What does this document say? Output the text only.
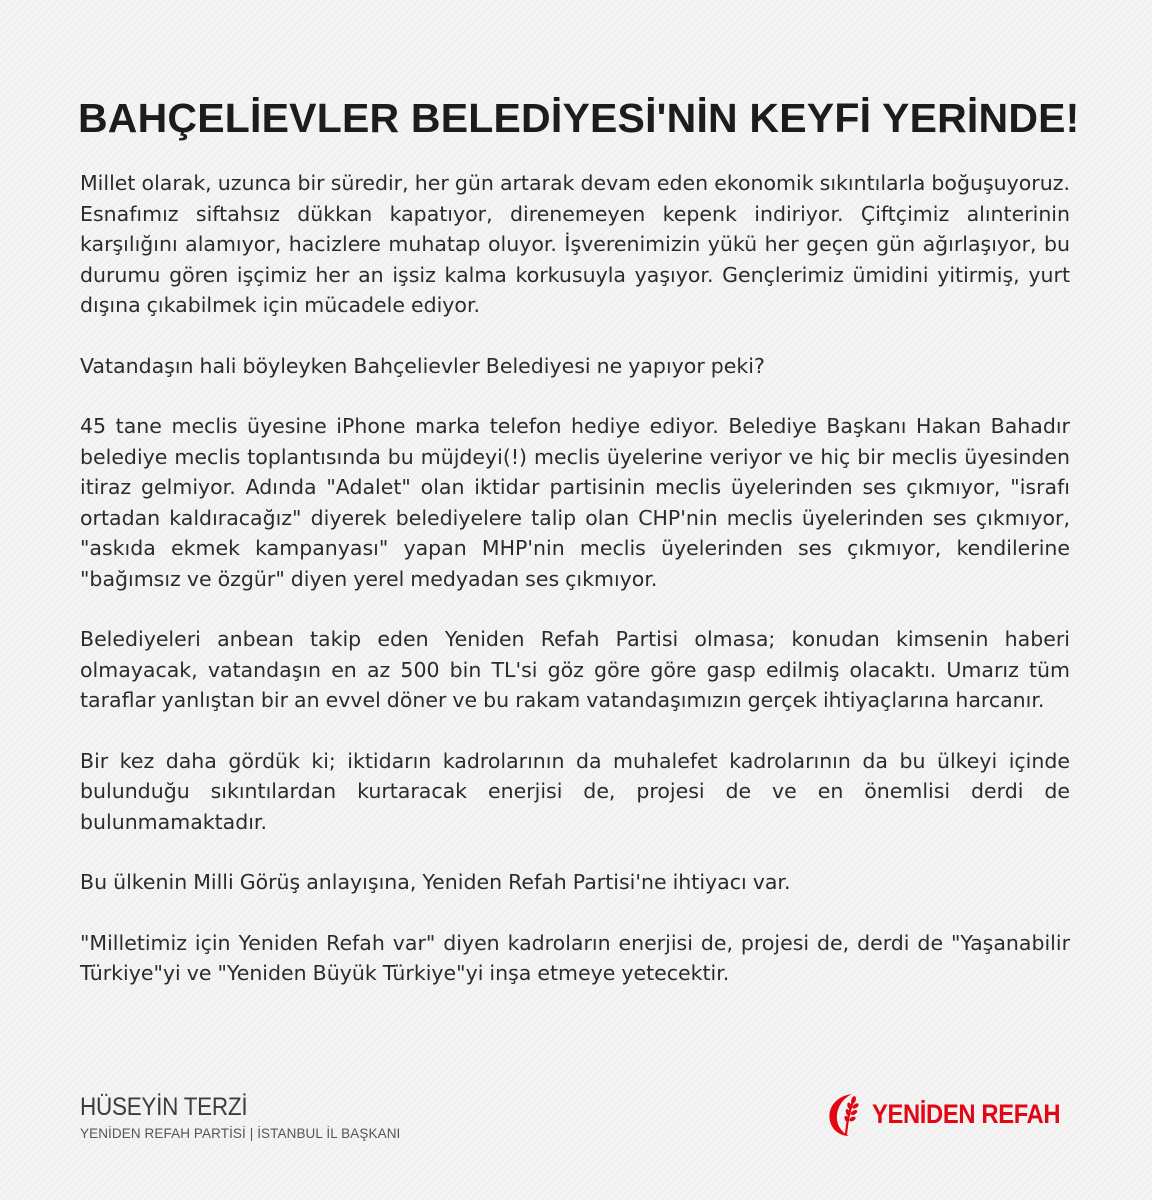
BAHÇELİEVLER BELEDİYESİ'NİN KEYFİ YERİNDE!

Millet olarak, uzunca bir süredir, her gün artarak devam eden ekonomik sıkıntılarla boğuşuyoruz. Esnafımız siftahsız dükkan kapatıyor, direnemeyen kepenk indiriyor. Çiftçimiz alınterinin karşılığını alamıyor, hacizlere muhatap oluyor. İşverenimizin yükü her geçen gün ağırlaşıyor, bu durumu gören işçimiz her an işsiz kalma korkusuyla yaşıyor. Gençlerimiz ümidini yitirmiş, yurt dışına çıkabilmek için mücadele ediyor.

Vatandaşın hali böyleyken Bahçelievler Belediyesi ne yapıyor peki?

45 tane meclis üyesine iPhone marka telefon hediye ediyor. Belediye Başkanı Hakan Bahadır belediye meclis toplantısında bu müjdeyi(!) meclis üyelerine veriyor ve hiç bir meclis üyesinden itiraz gelmiyor. Adında "Adalet" olan iktidar partisinin meclis üyelerinden ses çıkmıyor, "israfı ortadan kaldıracağız" diyerek belediyelere talip olan CHP'nin meclis üyelerinden ses çıkmıyor, "askıda ekmek kampanyası" yapan MHP'nin meclis üyelerinden ses çıkmıyor, kendilerine "bağımsız ve özgür" diyen yerel medyadan ses çıkmıyor.

Belediyeleri anbean takip eden Yeniden Refah Partisi olmasa; konudan kimsenin haberi olmayacak, vatandaşın en az 500 bin TL'si göz göre göre gasp edilmiş olacaktı. Umarız tüm taraflar yanlıştan bir an evvel döner ve bu rakam vatandaşımızın gerçek ihtiyaçlarına harcanır.

Bir kez daha gördük ki; iktidarın kadrolarının da muhalefet kadrolarının da bu ülkeyi içinde bulunduğu sıkıntılardan kurtaracak enerjisi de, projesi de ve en önemlisi derdi de bulunmamaktadır.

Bu ülkenin Milli Görüş anlayışına, Yeniden Refah Partisi'ne ihtiyacı var.

"Milletimiz için Yeniden Refah var" diyen kadroların enerjisi de, projesi de, derdi de "Yaşanabilir Türkiye"yi ve "Yeniden Büyük Türkiye"yi inşa etmeye yetecektir.

HÜSEYİN TERZİ
YENİDEN REFAH PARTİSİ | İSTANBUL İL BAŞKANI
YENİDEN REFAH
